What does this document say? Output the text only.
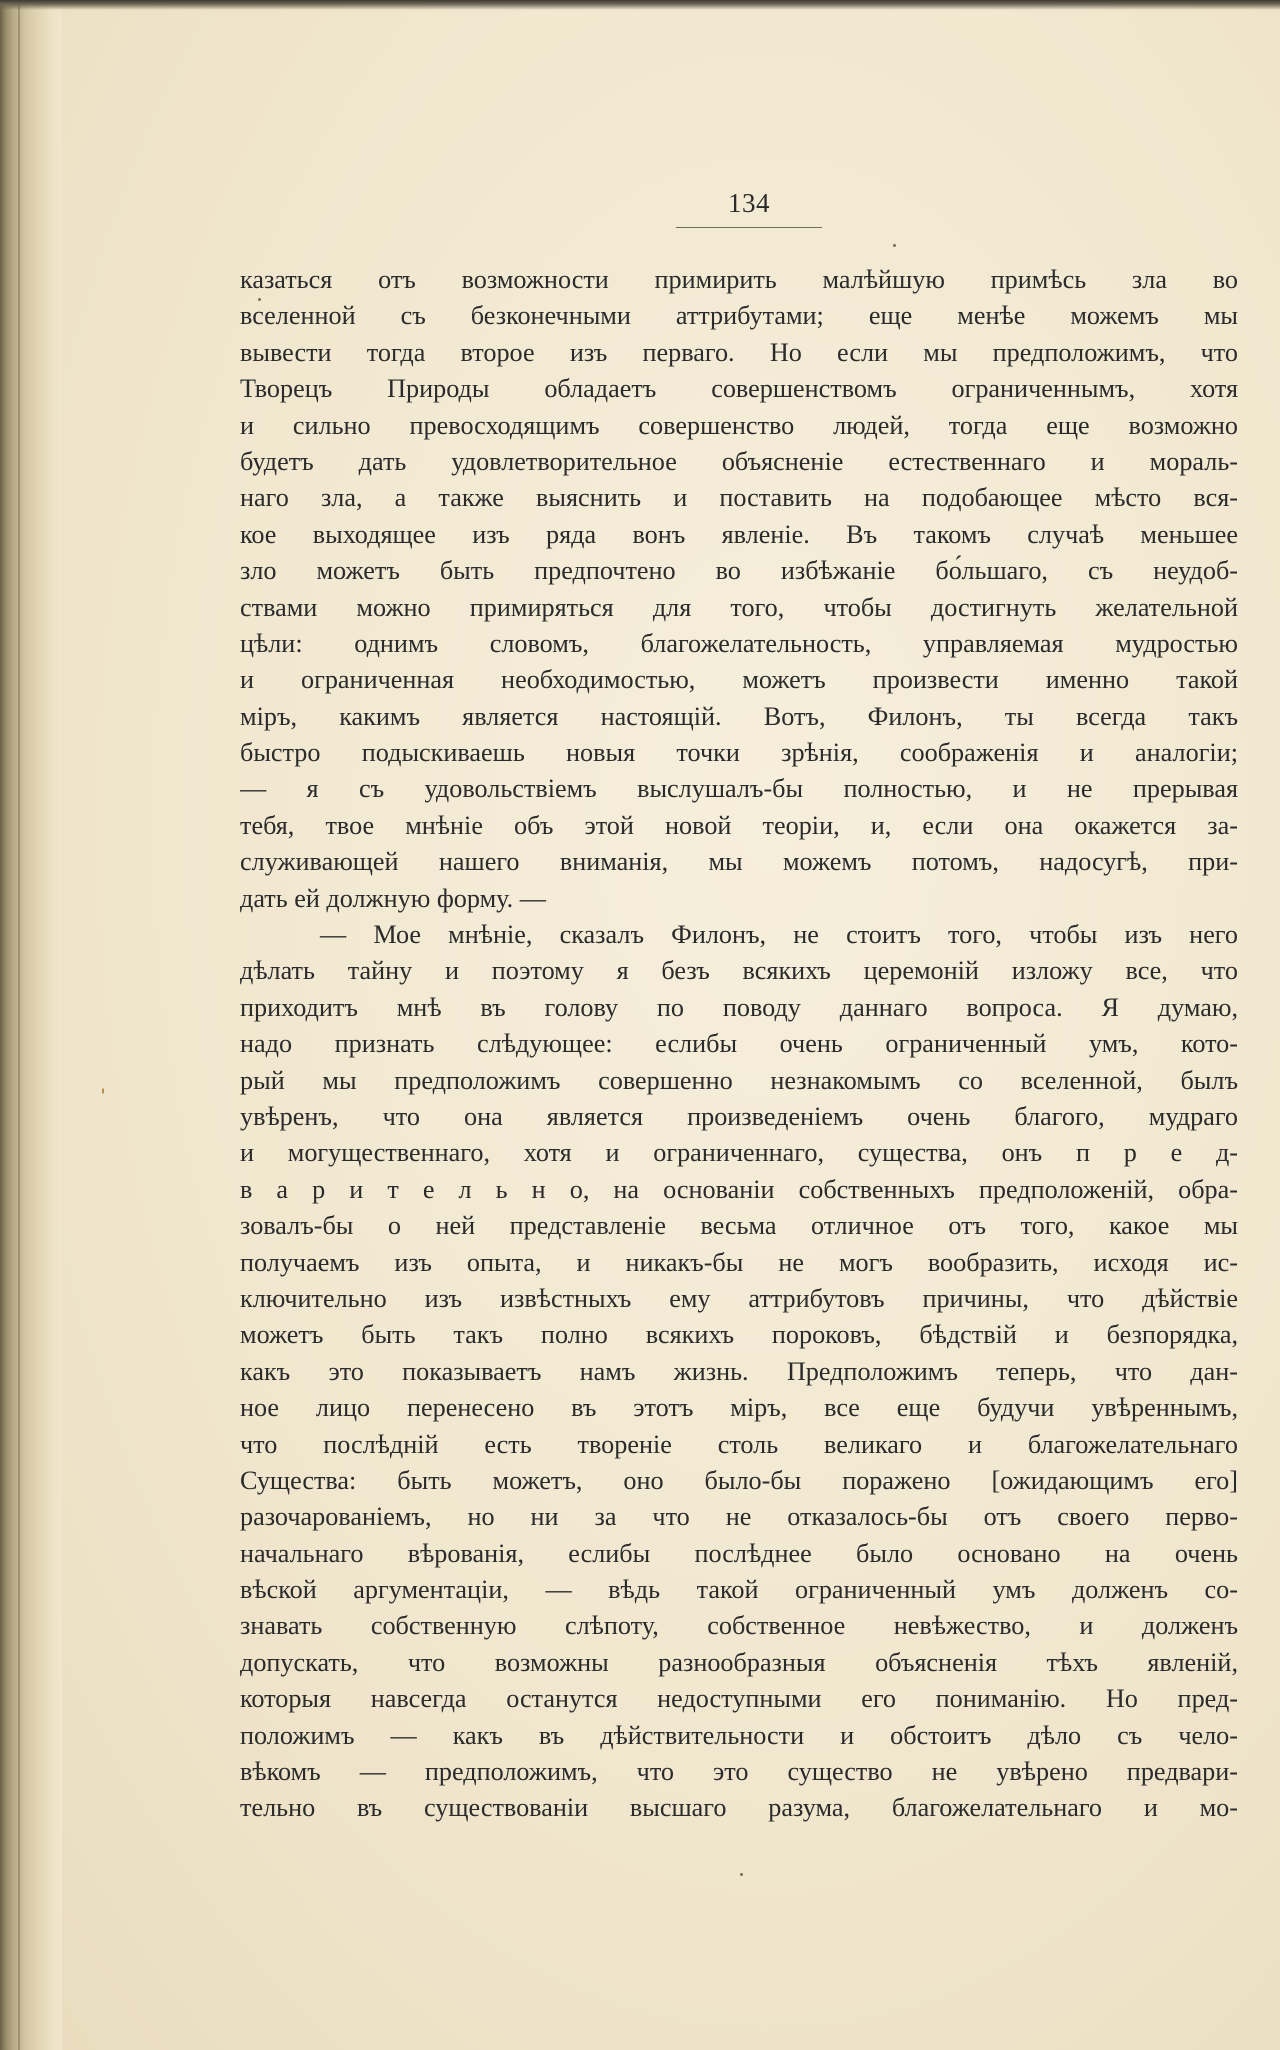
134
казаться отъ возможности примирить малѣйшую примѣсь зла во
вселенной съ безконечными аттрибутами; еще менѣе можемъ мы
вывести тогда второе изъ перваго. Но если мы предположимъ, что
Творецъ Природы обладаетъ совершенствомъ ограниченнымъ, хотя
и сильно превосходящимъ совершенство людей, тогда еще возможно
будетъ дать удовлетворительное объясненіе естественнаго и мораль-
наго зла, а также выяснить и поставить на подобающее мѣсто вся-
кое выходящее изъ ряда вонъ явленіе. Въ такомъ случаѣ меньшее
зло можетъ быть предпочтено во избѣжаніе бо́льшаго, съ неудоб-
ствами можно примиряться для того, чтобы достигнуть желательной
цѣли: однимъ словомъ, благожелательность, управляемая мудростью
и ограниченная необходимостью, можетъ произвести именно такой
міръ, какимъ является настоящій. Вотъ, Филонъ, ты всегда такъ
быстро подыскиваешь новыя точки зрѣнія, соображенія и аналогіи;
— я съ удовольствіемъ выслушалъ-бы полностью, и не прерывая
тебя, твое мнѣніе объ этой новой теоріи, и, если она окажется за-
служивающей нашего вниманія, мы можемъ потомъ, надосугѣ, при-
дать ей должную форму. —
— Мое мнѣніе, сказалъ Филонъ, не стоитъ того, чтобы изъ него
дѣлать тайну и поэтому я безъ всякихъ церемоній изложу все, что
приходитъ мнѣ въ голову по поводу даннаго вопроса. Я думаю,
надо признать слѣдующее: еслибы очень ограниченный умъ, кото-
рый мы предположимъ совершенно незнакомымъ со вселенной, былъ
увѣренъ, что она является произведеніемъ очень благого, мудраго
и могущественнаго, хотя и ограниченнаго, существа, онъ п р е д-
в а р и т е л ь н о, на основаніи собственныхъ предположеній, обра-
зовалъ-бы о ней представленіе весьма отличное отъ того, какое мы
получаемъ изъ опыта, и никакъ-бы не могъ вообразить, исходя ис-
ключительно изъ извѣстныхъ ему аттрибутовъ причины, что дѣйствіе
можетъ быть такъ полно всякихъ пороковъ, бѣдствій и безпорядка,
какъ это показываетъ намъ жизнь. Предположимъ теперь, что дан-
ное лицо перенесено въ этотъ міръ, все еще будучи увѣреннымъ,
что послѣдній есть твореніе столь великаго и благожелательнаго
Существа: быть можетъ, оно было-бы поражено [ожидающимъ его]
разочарованіемъ, но ни за что не отказалось-бы отъ своего перво-
начальнаго вѣрованія, еслибы послѣднее было основано на очень
вѣской аргументаціи, — вѣдь такой ограниченный умъ долженъ со-
знавать собственную слѣпоту, собственное невѣжество, и долженъ
допускать, что возможны разнообразныя объясненія тѣхъ явленій,
которыя навсегда останутся недоступными его пониманію. Но пред-
положимъ — какъ въ дѣйствительности и обстоитъ дѣло съ чело-
вѣкомъ — предположимъ, что это существо не увѣрено предвари-
тельно въ существованіи высшаго разума, благожелательнаго и мо-
